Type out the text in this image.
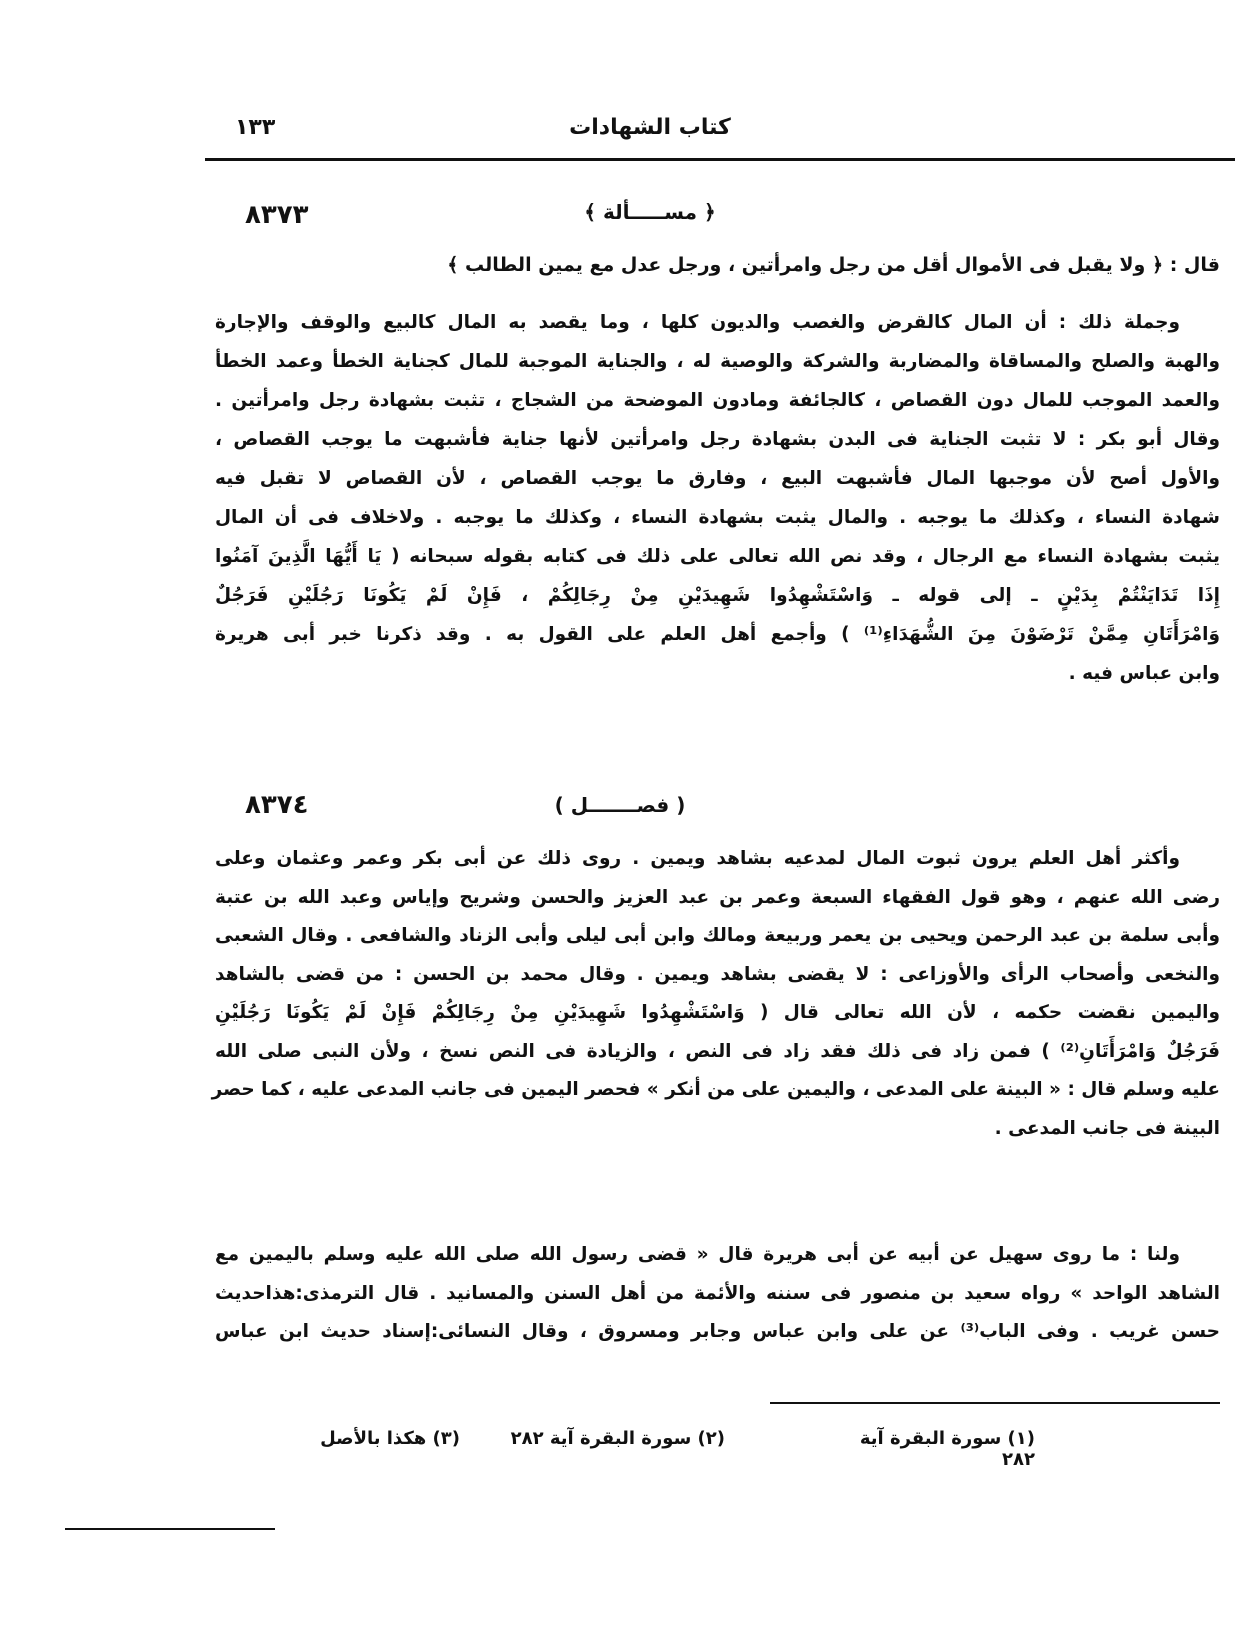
كتاب الشهادات
١٣٣
٨٣٧٣	﴿ مســـــألة ﴾
قال : ﴿ ولا يقبل فى الأموال أقل من رجل وامرأتين ، ورجل عدل مع يمين الطالب ﴾
وجملة ذلك : أن المال كالقرض والغصب والديون كلها ، وما يقصد به المال كالبيع والوقف والإجارة
والهبة والصلح والمساقاة والمضاربة والشركة والوصية له ، والجناية الموجبة للمال كجناية الخطأ وعمد الخطأ
والعمد الموجب للمال دون القصاص ، كالجائفة ومادون الموضحة من الشجاج ، تثبت بشهادة رجل وامرأتين .
وقال أبو بكر : لا تثبت الجناية فى البدن بشهادة رجل وامرأتين لأنها جناية فأشبهت ما يوجب القصاص ،
والأول أصح لأن موجبها المال فأشبهت البيع ، وفارق ما يوجب القصاص ، لأن القصاص لا تقبل فيه
شهادة النساء ، وكذلك ما يوجبه . والمال يثبت بشهادة النساء ، وكذلك ما يوجبه . ولاخلاف فى أن المال
يثبت بشهادة النساء مع الرجال ، وقد نص الله تعالى على ذلك فى كتابه بقوله سبحانه ( يَا أَيُّهَا الَّذِينَ آمَنُوا
إِذَا تَدَايَنْتُمْ بِدَيْنٍ ـ إلى قوله ـ وَاسْتَشْهِدُوا شَهِيدَيْنِ مِنْ رِجَالِكُمْ ، فَإِنْ لَمْ يَكُونَا رَجُلَيْنِ فَرَجُلٌ
وَامْرَأَتَانِ مِمَّنْ تَرْضَوْنَ مِنَ الشُّهَدَاءِ⁽¹⁾ ) وأجمع أهل العلم على القول به . وقد ذكرنا خبر أبى هريرة
وابن عباس فيه .
٨٣٧٤	( فصـــــــل )
وأكثر أهل العلم يرون ثبوت المال لمدعيه بشاهد ويمين . روى ذلك عن أبى بكر وعمر وعثمان وعلى
رضى الله عنهم ، وهو قول الفقهاء السبعة وعمر بن عبد العزيز والحسن وشريح وإياس وعبد الله بن عتبة
وأبى سلمة بن عبد الرحمن ويحيى بن يعمر وربيعة ومالك وابن أبى ليلى وأبى الزناد والشافعى . وقال الشعبى
والنخعى وأصحاب الرأى والأوزاعى : لا يقضى بشاهد ويمين . وقال محمد بن الحسن : من قضى بالشاهد
واليمين نقضت حكمه ، لأن الله تعالى قال ( وَاسْتَشْهِدُوا شَهِيدَيْنِ مِنْ رِجَالِكُمْ فَإِنْ لَمْ يَكُونَا رَجُلَيْنِ
فَرَجُلٌ وَامْرَأَتَانِ⁽²⁾ ) فمن زاد فى ذلك فقد زاد فى النص ، والزيادة فى النص نسخ ، ولأن النبى صلى الله
عليه وسلم قال : « البينة على المدعى ، واليمين على من أنكر » فحصر اليمين فى جانب المدعى عليه ، كما حصر
البينة فى جانب المدعى .
ولنا : ما روى سهيل عن أبيه عن أبى هريرة قال « قضى رسول الله صلى الله عليه وسلم باليمين مع
الشاهد الواحد » رواه سعيد بن منصور فى سننه والأئمة من أهل السنن والمسانيد . قال الترمذى:هذاحديث
حسن غريب . وفى الباب⁽³⁾ عن على وابن عباس وجابر ومسروق ، وقال النسائى:إسناد حديث ابن عباس
(١) سورة البقرة آية ٢٨٢
(٢) سورة البقرة آية ٢٨٢
(٣) هكذا بالأصل
